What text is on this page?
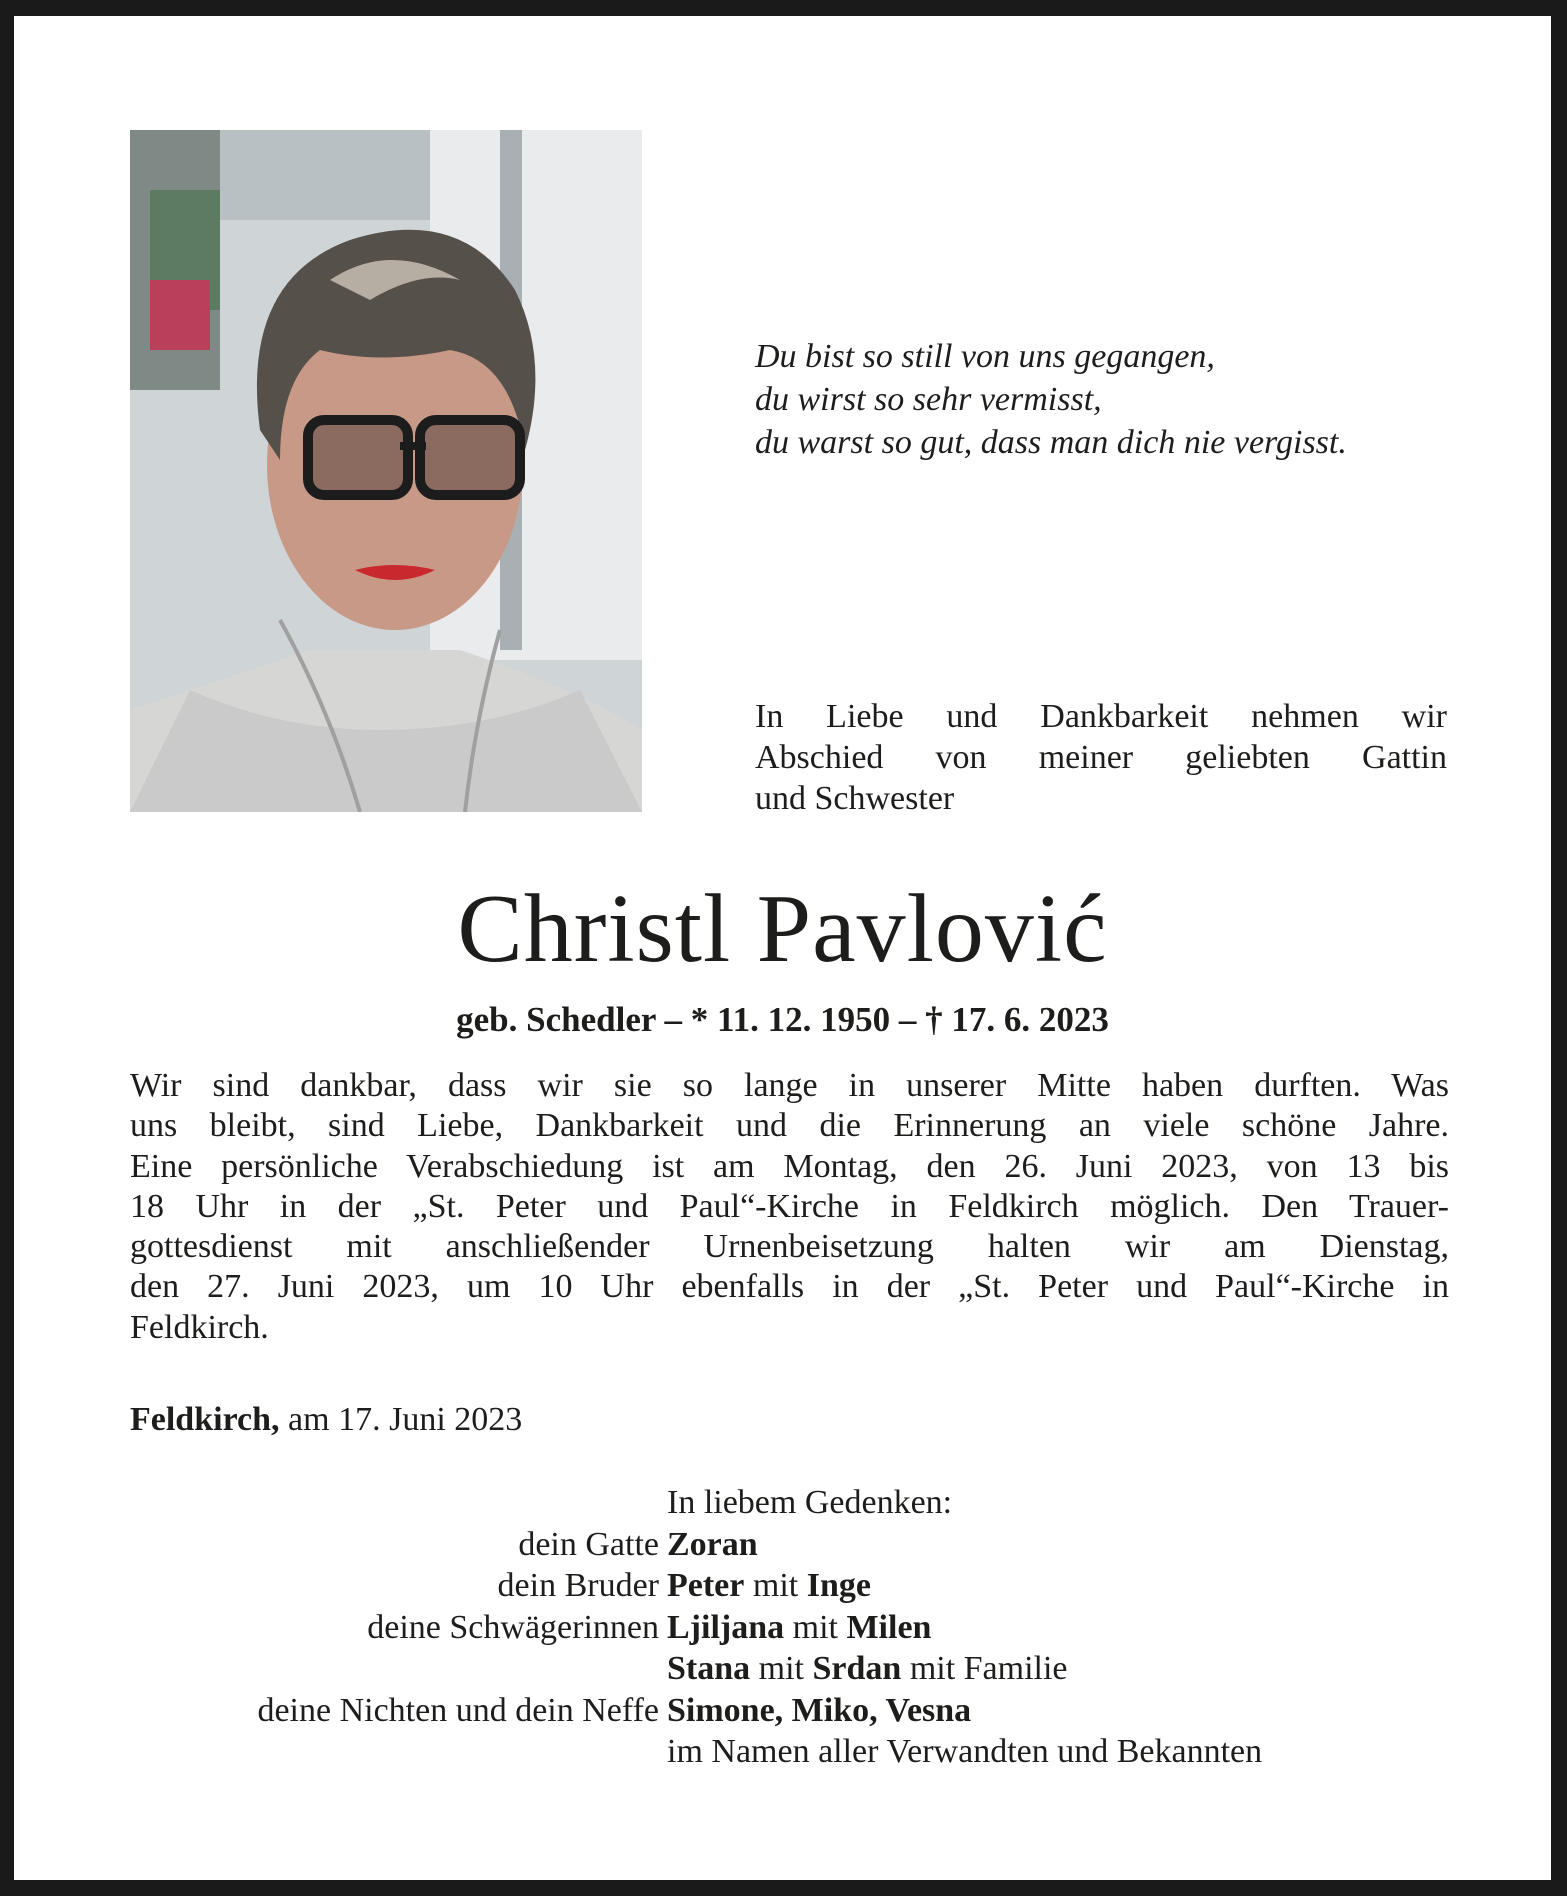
Du bist so still von uns gegangen,
du wirst so sehr vermisst,
du warst so gut, dass man dich nie vergisst.
In Liebe und Dankbarkeit nehmen wir
Abschied von meiner geliebten Gattin
und Schwester
Christl Pavlović
geb. Schedler – * 11. 12. 1950 – † 17. 6. 2023
Wir sind dankbar, dass wir sie so lange in unserer Mitte haben durften. Was
uns bleibt, sind Liebe, Dankbarkeit und die Erinnerung an viele schöne Jahre.
Eine persönliche Verabschiedung ist am Montag, den 26. Juni 2023, von 13 bis
18 Uhr in der „St. Peter und Paul“-Kirche in Feldkirch möglich. Den Trauer-
gottesdienst mit anschließender Urnenbeisetzung halten wir am Dienstag,
den 27. Juni 2023, um 10 Uhr ebenfalls in der „St. Peter und Paul“-Kirche in
Feldkirch.
Feldkirch, am 17. Juni 2023
In liebem Gedenken:
dein Gatte Zoran
dein Bruder Peter mit Inge
deine Schwägerinnen Ljiljana mit Milen
Stana mit Srdan mit Familie
deine Nichten und dein Neffe Simone, Miko, Vesna
im Namen aller Verwandten und Bekannten
